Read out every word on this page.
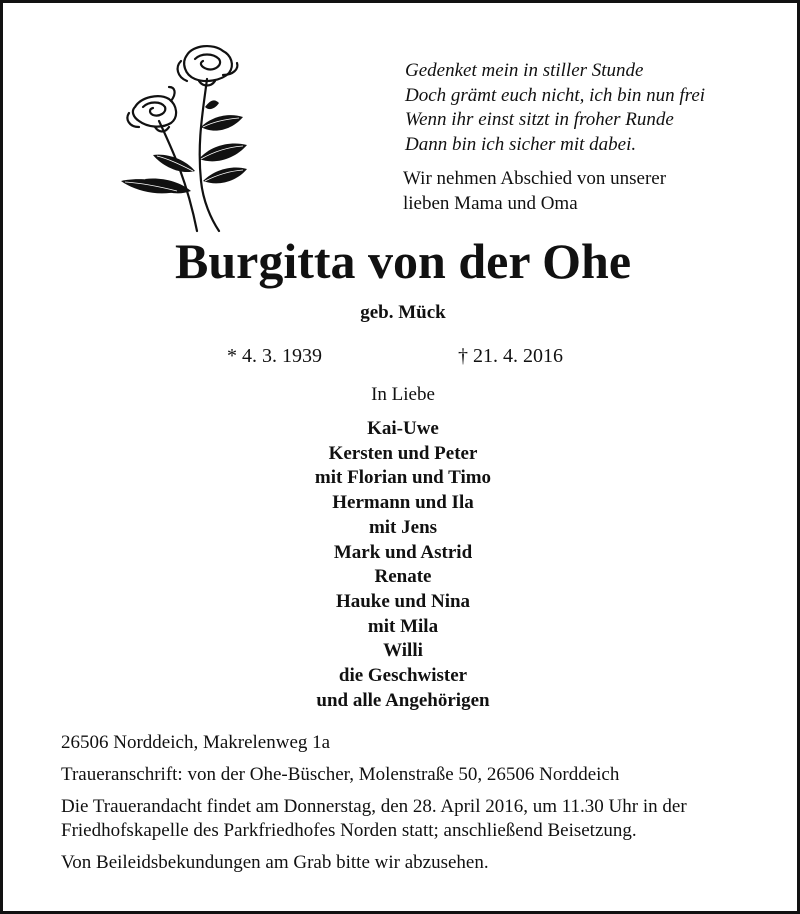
Gedenket mein in stiller Stunde
Doch grämt euch nicht, ich bin nun frei
Wenn ihr einst sitzt in froher Runde
Dann bin ich sicher mit dabei.
Wir nehmen Abschied von unserer
lieben Mama und Oma
Burgitta von der Ohe
geb. Mück
* 4. 3. 1939	† 21. 4. 2016
In Liebe
Kai-Uwe
Kersten und Peter
mit Florian und Timo
Hermann und Ila
mit Jens
Mark und Astrid
Renate
Hauke und Nina
mit Mila
Willi
die Geschwister
und alle Angehörigen
26506 Norddeich, Makrelenweg 1a
Traueranschrift: von der Ohe-Büscher, Molenstraße 50, 26506 Norddeich
Die Trauerandacht findet am Donnerstag, den 28. April 2016, um 11.30 Uhr in der Friedhofskapelle des Parkfriedhofes Norden statt; anschließend Beisetzung.
Von Beileidsbekundungen am Grab bitte wir abzusehen.
